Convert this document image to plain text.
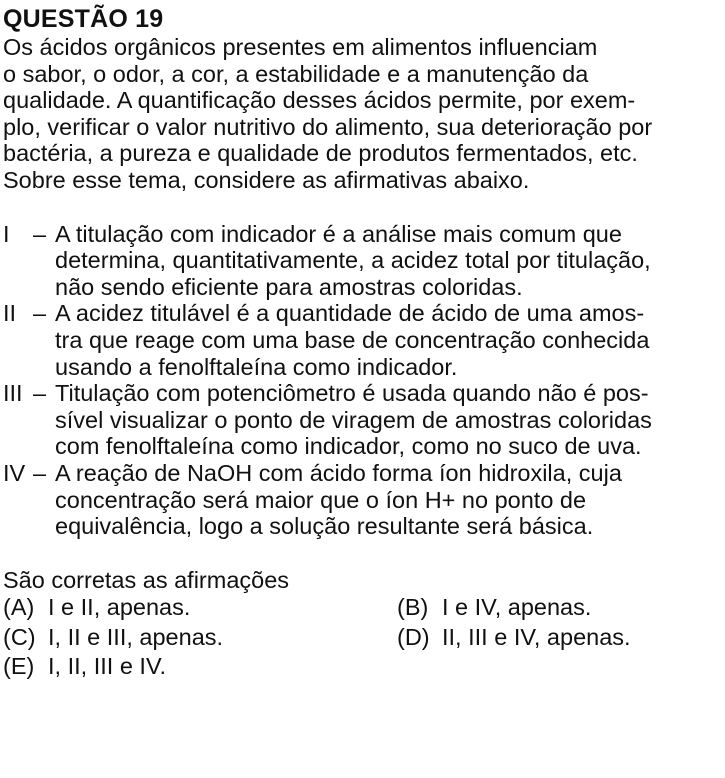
QUESTÃO 19
Os ácidos orgânicos presentes em alimentos influenciam
o sabor, o odor, a cor, a estabilidade e a manutenção da
qualidade. A quantificação desses ácidos permite, por exem-
plo, verificar o valor nutritivo do alimento, sua deterioração por
bactéria, a pureza e qualidade de produtos fermentados, etc.
Sobre esse tema, considere as afirmativas abaixo.
I – A titulação com indicador é a análise mais comum que
determina, quantitativamente, a acidez total por titulação,
não sendo eficiente para amostras coloridas.
II – A acidez titulável é a quantidade de ácido de uma amos-
tra que reage com uma base de concentração conhecida
usando a fenolftaleína como indicador.
III – Titulação com potenciômetro é usada quando não é pos-
sível visualizar o ponto de viragem de amostras coloridas
com fenolftaleína como indicador, como no suco de uva.
IV – A reação de NaOH com ácido forma íon hidroxila, cuja
concentração será maior que o íon H+ no ponto de
equivalência, logo a solução resultante será básica.
São corretas as afirmações
(A) I e II, apenas.	(B) I e IV, apenas.
(C) I, II e III, apenas.	(D) II, III e IV, apenas.
(E) I, II, III e IV.
